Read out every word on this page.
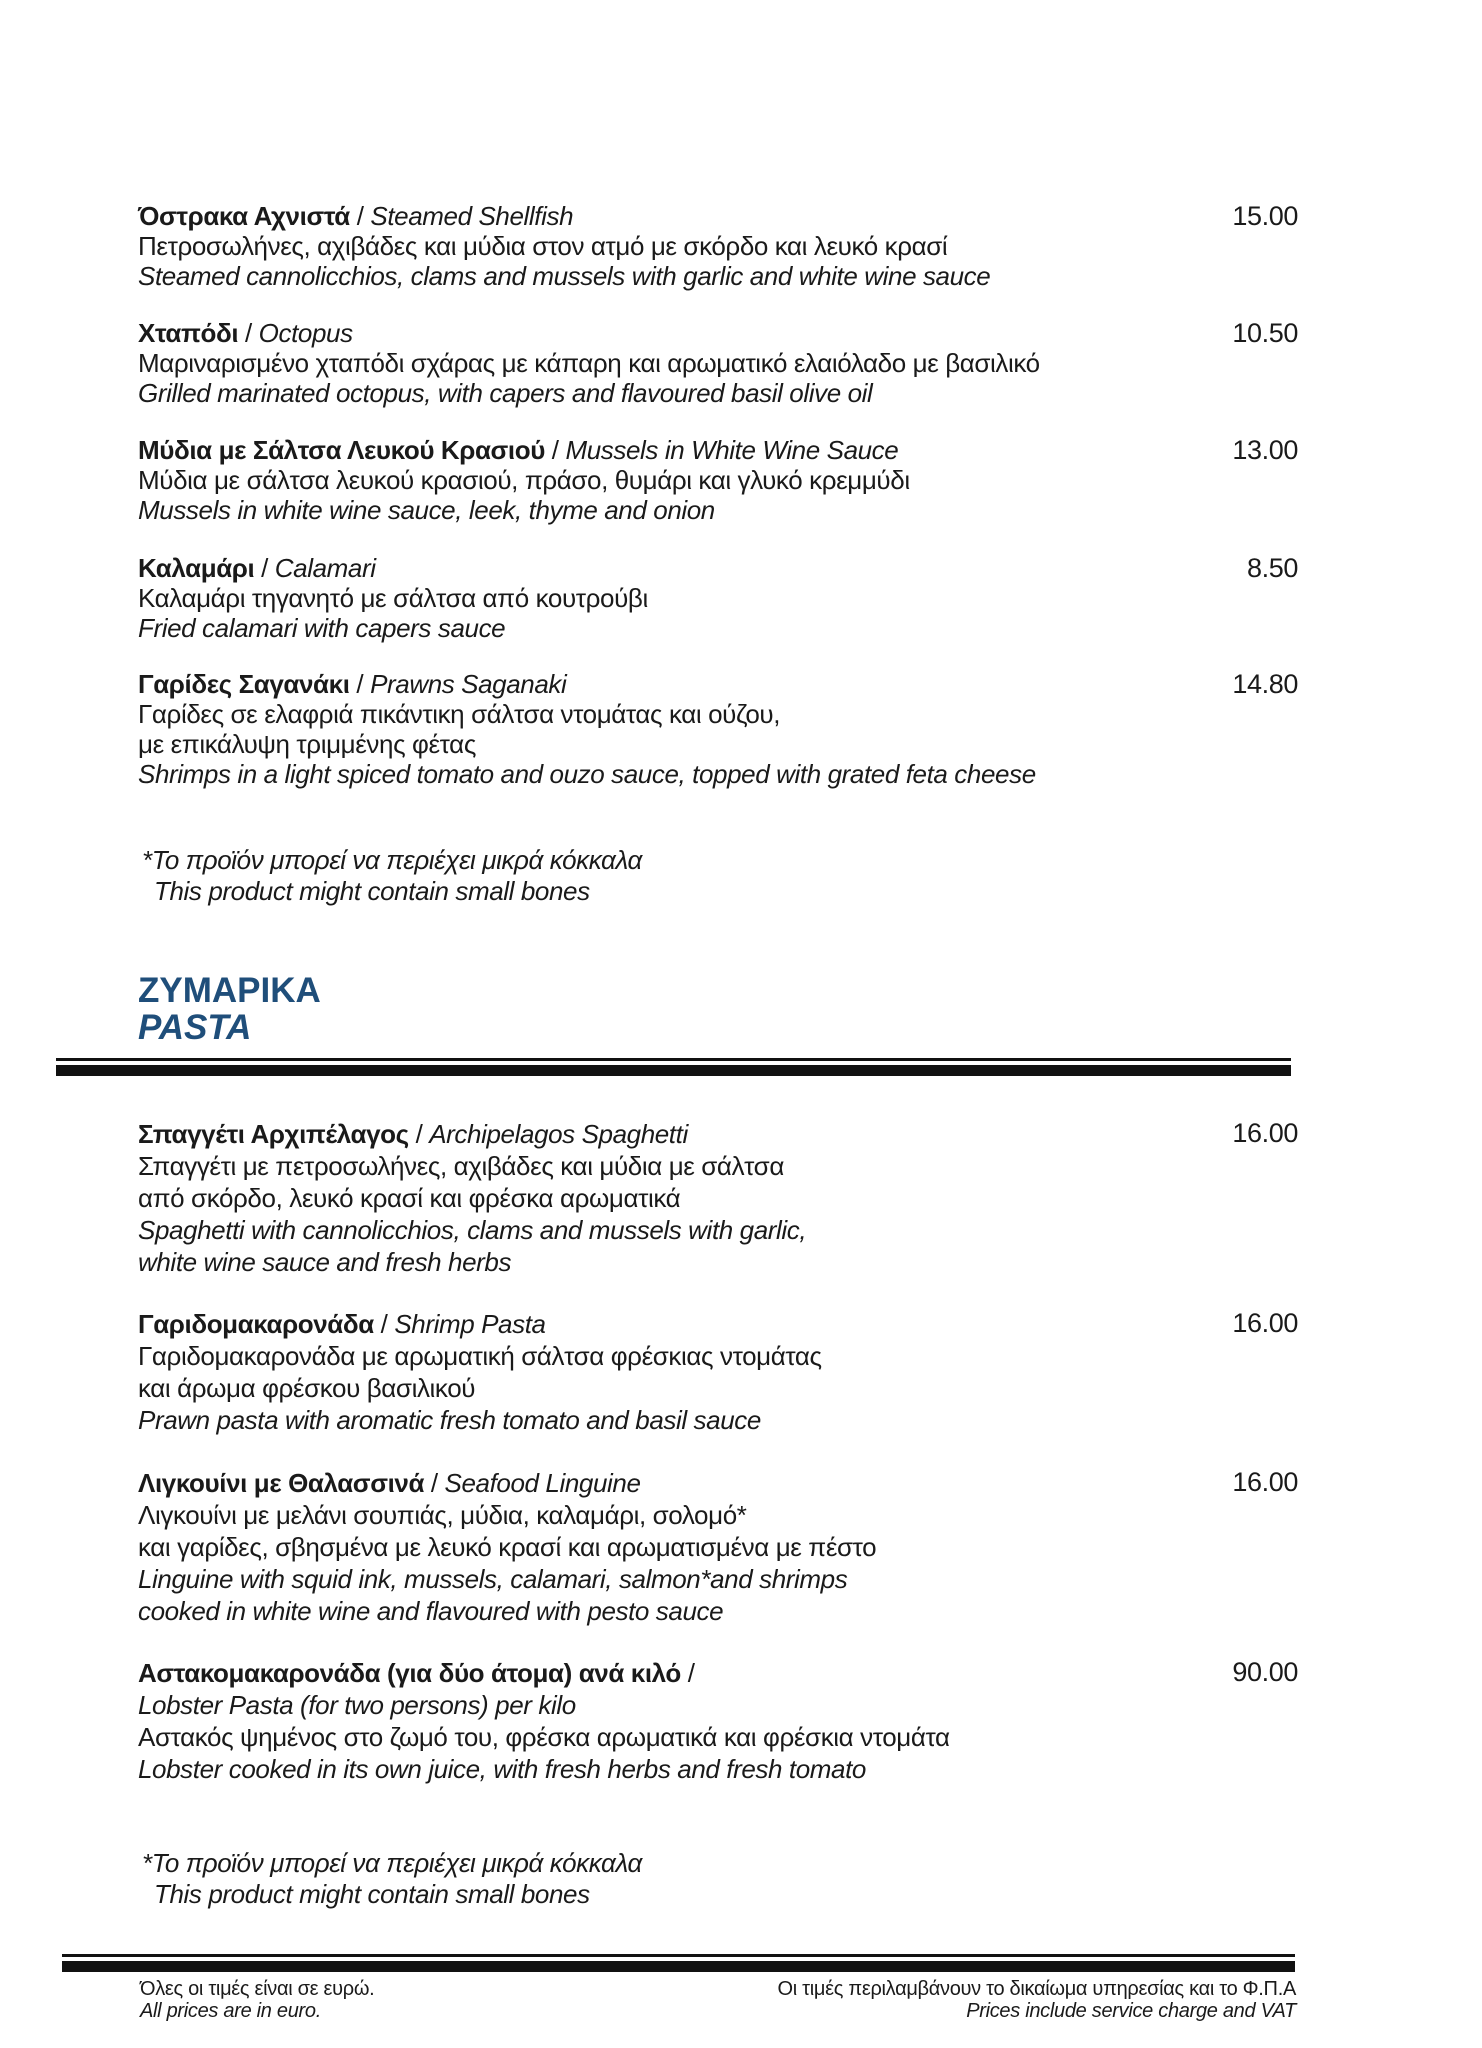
Όστρακα Αχνιστά / Steamed Shellfish
Πετροσωλήνες, αχιβάδες και μύδια στον ατμό με σκόρδο και λευκό κρασί
Steamed cannolicchios, clams and mussels with garlic and white wine sauce
15.00
Χταπόδι / Octopus
Μαριναρισμένο χταπόδι σχάρας με κάπαρη και αρωματικό ελαιόλαδο με βασιλικό
Grilled marinated octopus, with capers and flavoured basil olive oil
10.50
Μύδια με Σάλτσα Λευκού Κρασιού / Mussels in White Wine Sauce
Μύδια με σάλτσα λευκού κρασιού, πράσο, θυμάρι και γλυκό κρεμμύδι
Mussels in white wine sauce, leek, thyme and onion
13.00
Καλαμάρι / Calamari
Καλαμάρι τηγανητό με σάλτσα από κουτρούβι
Fried calamari with capers sauce
8.50
Γαρίδες Σαγανάκι / Prawns Saganaki
Γαρίδες σε ελαφριά πικάντικη σάλτσα ντομάτας και ούζου,
με επικάλυψη τριμμένης φέτας
Shrimps in a light spiced tomato and ouzo sauce, topped with grated feta cheese
14.80
*Το προϊόν μπορεί να περιέχει μικρά κόκκαλα
This product might contain small bones
ΖΥΜΑΡΙΚΑ
PASTA
Σπαγγέτι Αρχιπέλαγος / Archipelagos Spaghetti
Σπαγγέτι με πετροσωλήνες, αχιβάδες και μύδια με σάλτσα
από σκόρδο, λευκό κρασί και φρέσκα αρωματικά
Spaghetti with cannolicchios, clams and mussels with garlic,
white wine sauce and fresh herbs
16.00
Γαριδομακαρονάδα / Shrimp Pasta
Γαριδομακαρονάδα με αρωματική σάλτσα φρέσκιας ντομάτας
και άρωμα φρέσκου βασιλικού
Prawn pasta with aromatic fresh tomato and basil sauce
16.00
Λιγκουίνι με Θαλασσινά / Seafood Linguine
Λιγκουίνι με μελάνι σουπιάς, μύδια, καλαμάρι, σολομό*
και γαρίδες, σβησμένα με λευκό κρασί και αρωματισμένα με πέστο
Linguine with squid ink, mussels, calamari, salmon*and shrimps
cooked in white wine and flavoured with pesto sauce
16.00
Αστακομακαρονάδα (για δύο άτομα) ανά κιλό /
Lobster Pasta (for two persons) per kilo
Αστακός ψημένος στο ζωμό του, φρέσκα αρωματικά και φρέσκια ντομάτα
Lobster cooked in its own juice, with fresh herbs and fresh tomato
90.00
*Το προϊόν μπορεί να περιέχει μικρά κόκκαλα
This product might contain small bones
Όλες οι τιμές είναι σε ευρώ.
All prices are in euro.
Οι τιμές περιλαμβάνουν το δικαίωμα υπηρεσίας και το Φ.Π.Α
Prices include service charge and VAT
